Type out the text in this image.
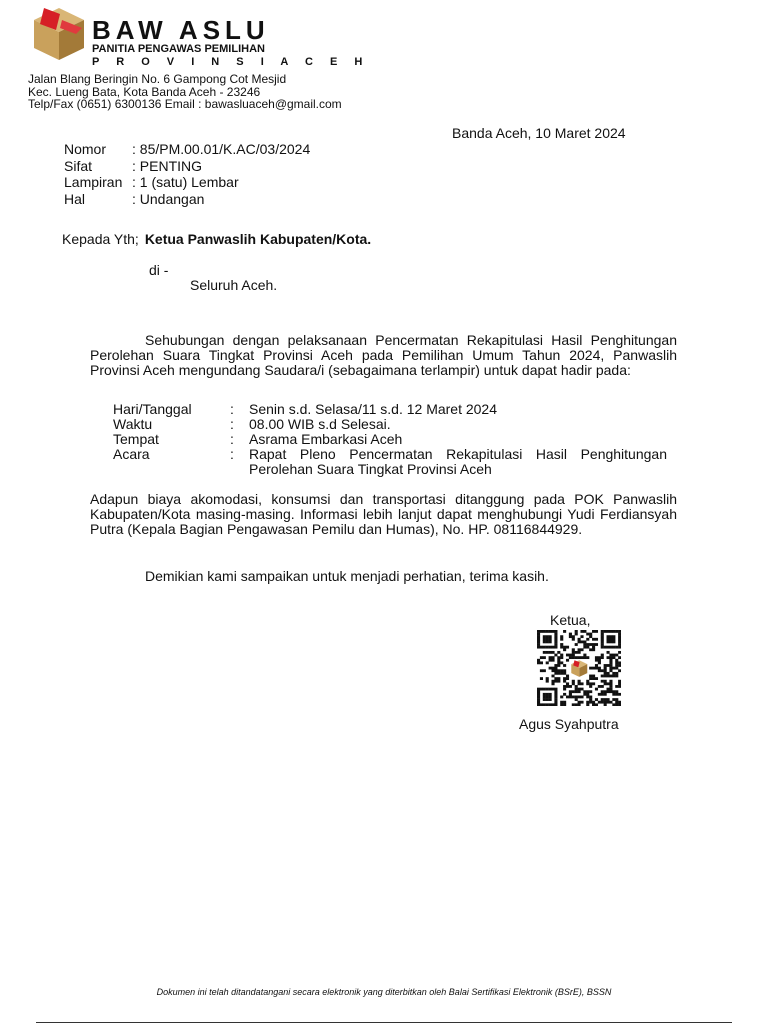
BAW ASLU
PANITIA PENGAWAS PEMILIHAN
P R O V I N S I A C E H
Jalan Blang Beringin No. 6 Gampong Cot Mesjid
Kec. Lueng Bata, Kota Banda Aceh - 23246
Telp/Fax (0651) 6300136 Email : bawasluaceh@gmail.com
Banda Aceh, 10 Maret 2024
Nomor	: 85/PM.00.01/K.AC/03/2024
Sifat	: PENTING
Lampiran : 1 (satu) Lembar
Hal	: Undangan
Kepada Yth; Ketua Panwaslih Kabupaten/Kota.
di -
Seluruh Aceh.
Sehubungan dengan pelaksanaan Pencermatan Rekapitulasi Hasil Penghitungan Perolehan Suara Tingkat Provinsi Aceh pada Pemilihan Umum Tahun 2024, Panwaslih Provinsi Aceh mengundang Saudara/i (sebagaimana terlampir) untuk dapat hadir pada:
Hari/Tanggal	:	Senin s.d. Selasa/11 s.d. 12 Maret 2024
Waktu	:	08.00 WIB s.d Selesai.
Tempat	:	Asrama Embarkasi Aceh
Acara	:	Rapat Pleno Pencermatan Rekapitulasi Hasil Penghitungan Perolehan Suara Tingkat Provinsi Aceh
Adapun biaya akomodasi, konsumsi dan transportasi ditanggung pada POK Panwaslih Kabupaten/Kota masing-masing. Informasi lebih lanjut dapat menghubungi Yudi Ferdiansyah Putra (Kepala Bagian Pengawasan Pemilu dan Humas), No. HP. 08116844929.
Demikian kami sampaikan untuk menjadi perhatian, terima kasih.
Ketua,
Agus Syahputra
Dokumen ini telah ditandatangani secara elektronik yang diterbitkan oleh Balai Sertifikasi Elektronik (BSrE), BSSN
